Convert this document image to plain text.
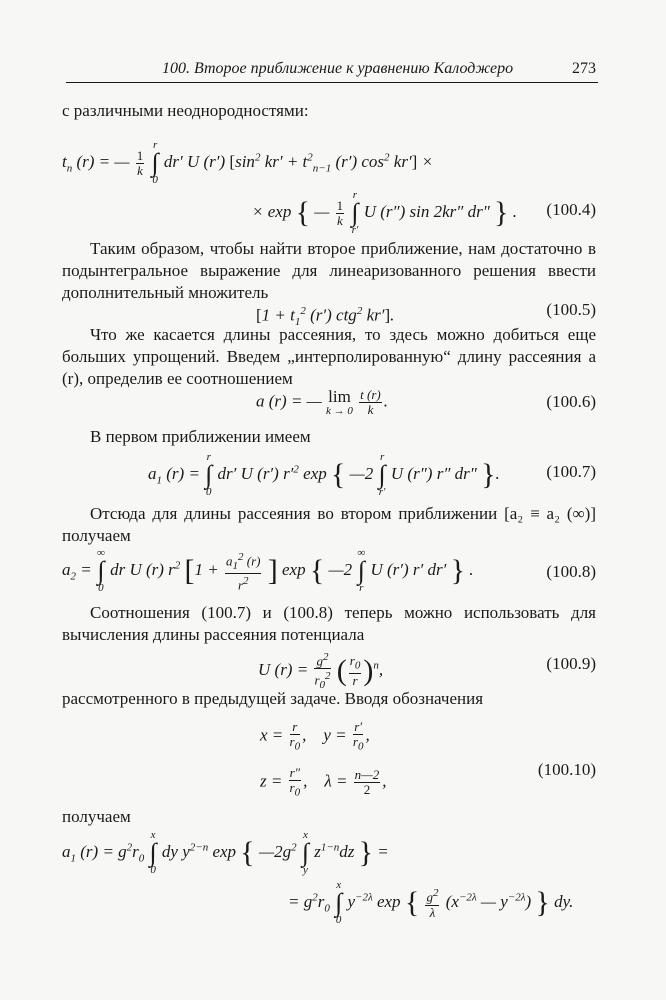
100. Второе приближение к уравнению Калоджеро	273
с различными неоднородностями:
$t_n$ (r) = — $\frac{1}{k}$

r
∫
0
dr′ U (r′) [$\sin^2$ $kr' + t^2_{n-1}$ (r′) $\cos^2 kr'$] ×
× exp { — $\frac{1}{k}$

r
∫
r′
U (r″) sin 2kr″ dr″ } . (100.4)
Таким образом, чтобы найти второе приближение, нам достаточно в подынтегральное выражение для линеаризованного решения ввести дополнительный множитель
[$1 + t_1^2$ (r′) ctg$^2$ kr′].	(100.5)
Что же касается длины рассеяния, то здесь можно добиться еще больших упрощений. Введем „интерполированную“ длину рассеяния a (r), определив ее соотношением
a (r) = — lim
k → 0
$\frac{t (r)}{k}$ .	(100.6)
В первом приближении имеем
$a_1$ (r) =
r
∫
0
dr′ U (r′) $r'^2$ exp { —2
r
∫
r′
U (r″) r″ dr″ }.	(100.7)
Отсюда для длины рассеяния во втором приближении [a₂ ≡ a₂ (∞)] получаем
$a_2$ =
∞
∫
0
dr U (r) $r^2$ [$1 + \frac{a_1^2 (r)}{r^2}$ ] exp { —2
∞
∫
r
U (r′) r′ dr′ } .	(100.8)
Соотношения (100.7) и (100.8) теперь можно использовать для вычисления длины рассеяния потенциала
U $(r) = \frac{g^2}{r_0^2}$ ( $\frac{r_0}{r} )^n$,	(100.9)
рассмотренного в предыдущей задаче. Вводя обозначения
$x = \frac{r}{r_0}$ ,    $y = \frac{r'}{r_0}$ ,
$z = \frac{r''}{r_0}$ ,    $\lambda = \frac{n—2}{2}$ ,
(100.10)
получаем
$a_1$ $(r) = g^2r_0$
x
∫
0
dy $y^{2-n}$ exp { $—2g^2$
x
∫
y
$z^{1-n}dz$ } =
= $g^2r_0$
x
∫
0
$y^{-2\lambda}$ exp { $\frac{g^2}{\lambda} (x^{-2\lambda}$ — $y^{-2\lambda}$) } dy.
